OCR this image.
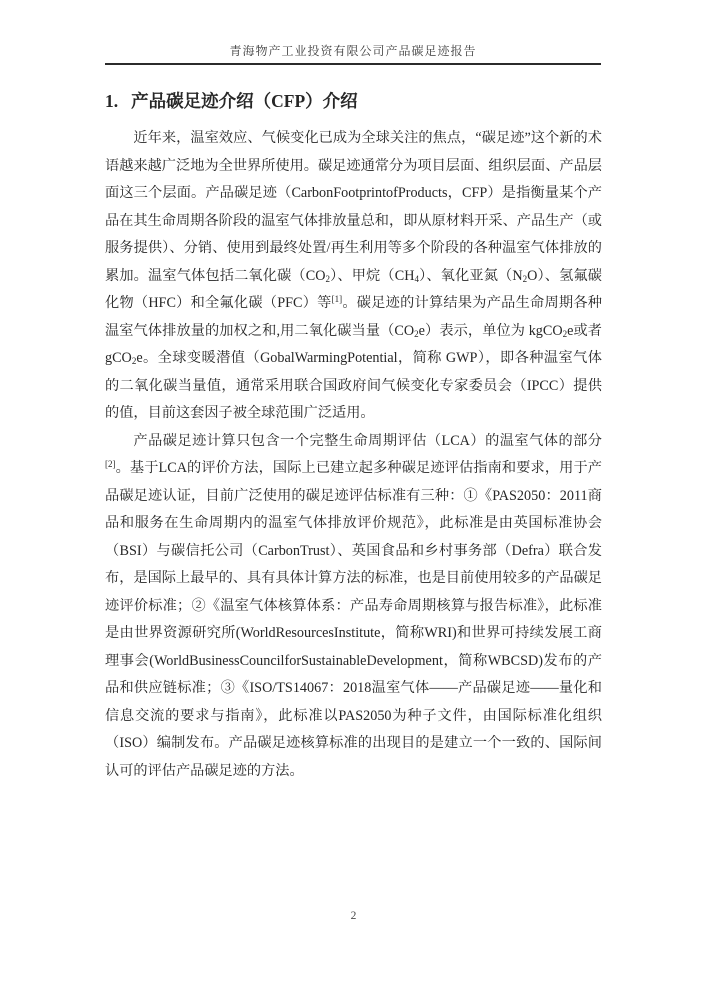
青海物产工业投资有限公司产品碳足迹报告
1. 产品碳足迹介绍（CFP）介绍

近年来，温室效应、气候变化已成为全球关注的焦点，“碳足迹”这个新的术语越来越广泛地为全世界所使用。碳足迹通常分为项目层面、组织层面、产品层面这三个层面。产品碳足迹（CarbonFootprintofProducts，CFP）是指衡量某个产品在其生命周期各阶段的温室气体排放量总和，即从原材料开采、产品生产（或服务提供）、分销、使用到最终处置/再生利用等多个阶段的各种温室气体排放的累加。温室气体包括二氧化碳$(CO_2)$、甲烷$(CH_4)$、氧化亚氮$(N_2O)$、氢氟碳化物（HFC）和全氟化碳（PFC）等[1]。碳足迹的计算结果为产品生命周期各种温室气体排放量的加权之和,用二氧化碳当量$(CO_2e)$表示，单位为 kgCO$_2$e或者 gCO$_2$e。全球变暖潜值（GobalWarmingPotential，简称 GWP），即各种温室气体的二氧化碳当量值，通常采用联合国政府间气候变化专家委员会（IPCC）提供的值，目前这套因子被全球范围广泛适用。

产品碳足迹计算只包含一个完整生命周期评估（LCA）的温室气体的部分[2]。基于LCA的评价方法，国际上已建立起多种碳足迹评估指南和要求，用于产品碳足迹认证，目前广泛使用的碳足迹评估标准有三种：①《PAS2050：2011商品和服务在生命周期内的温室气体排放评价规范》，此标准是由英国标准协会（BSI）与碳信托公司（CarbonTrust）、英国食品和乡村事务部（Defra）联合发布，是国际上最早的、具有具体计算方法的标准，也是目前使用较多的产品碳足迹评价标准；②《温室气体核算体系：产品寿命周期核算与报告标准》，此标准是由世界资源研究所(WorldResourcesInstitute，简称WRI)和世界可持续发展工商理事会(WorldBusinessCouncilforSustainableDevelopment，简称WBCSD)发布的产品和供应链标准；③《ISO/TS14067：2018温室气体——产品碳足迹——量化和信息交流的要求与指南》，此标准以PAS2050为种子文件，由国际标准化组织（ISO）编制发布。产品碳足迹核算标准的出现目的是建立一个一致的、国际间认可的评估产品碳足迹的方法。

2
